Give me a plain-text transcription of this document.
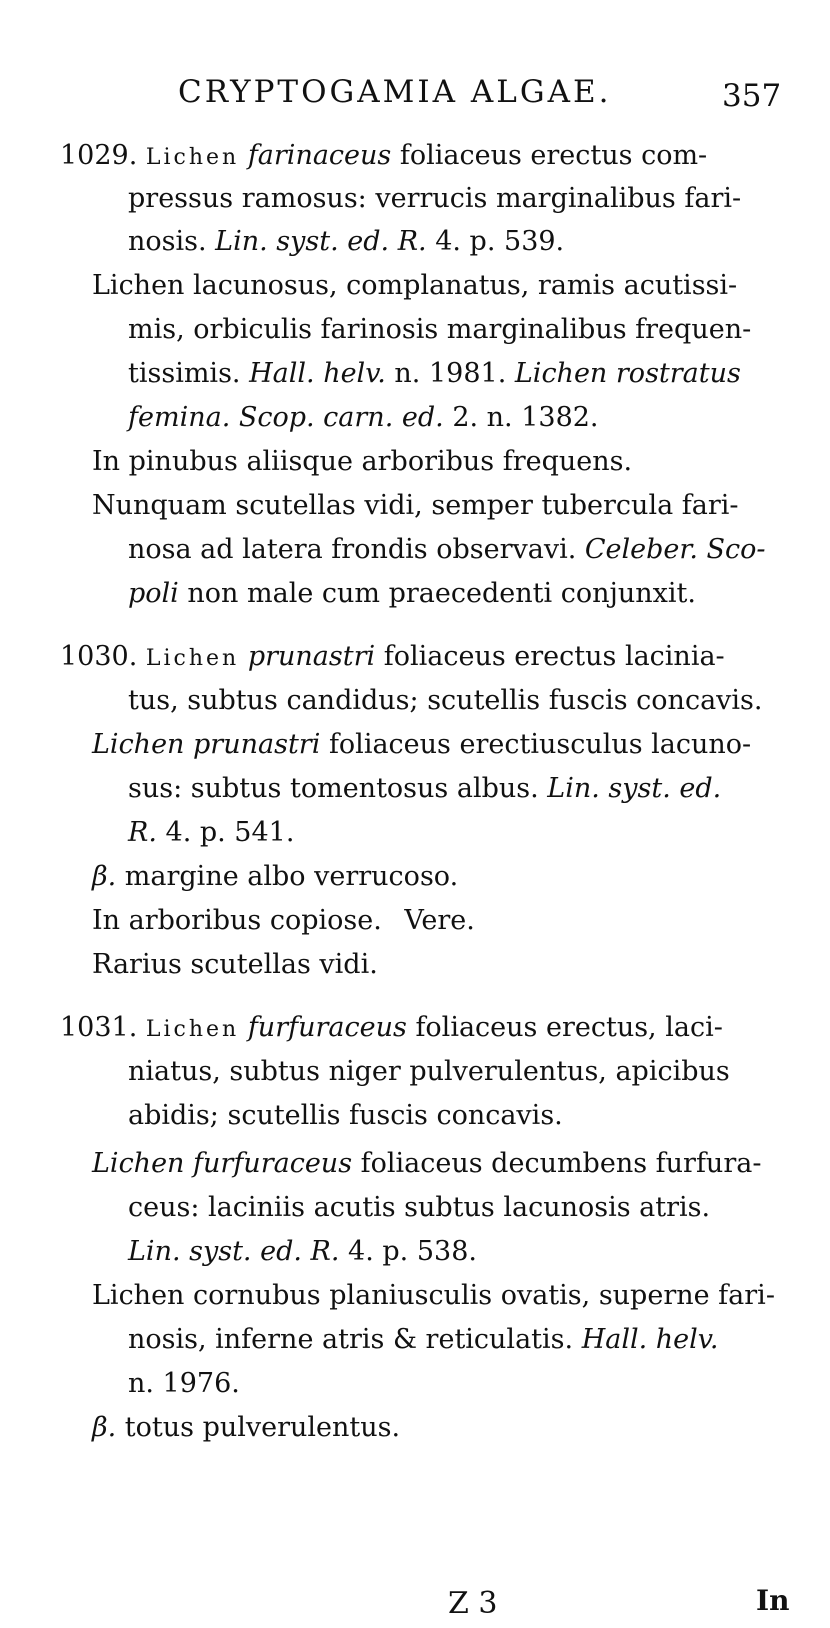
CRYPTOGAMIA ALGAE.	357
1029. Lichen farinaceus foliaceus erectus com-
pressus ramosus: verrucis marginalibus fari-
nosis. Lin. syst. ed. R. 4. p. 539.
Lichen lacunosus, complanatus, ramis acutissi-
mis, orbiculis farinosis marginalibus frequen-
tissimis. Hall. helv. n. 1981. Lichen rostratus
femina. Scop. carn. ed. 2. n. 1382.
In pinubus aliisque arboribus frequens.
Nunquam scutellas vidi, semper tubercula fari-
nosa ad latera frondis observavi. Celeber. Sco-
poli non male cum praecedenti conjunxit.
1030. Lichen prunastri foliaceus erectus lacinia-
tus, subtus candidus; scutellis fuscis concavis.
Lichen prunastri foliaceus erectiusculus lacuno-
sus: subtus tomentosus albus. Lin. syst. ed.
R. 4. p. 541.
β. margine albo verrucoso.
In arboribus copiose. Vere.
Rarius scutellas vidi.
1031. Lichen furfuraceus foliaceus erectus, laci-
niatus, subtus niger pulverulentus, apicibus
abidis; scutellis fuscis concavis.
Lichen furfuraceus foliaceus decumbens furfura-
ceus: laciniis acutis subtus lacunosis atris.
Lin. syst. ed. R. 4. p. 538.
Lichen cornubus planiusculis ovatis, superne fari-
nosis, inferne atris & reticulatis. Hall. helv.
n. 1976.
β. totus pulverulentus.
Z 3	In
